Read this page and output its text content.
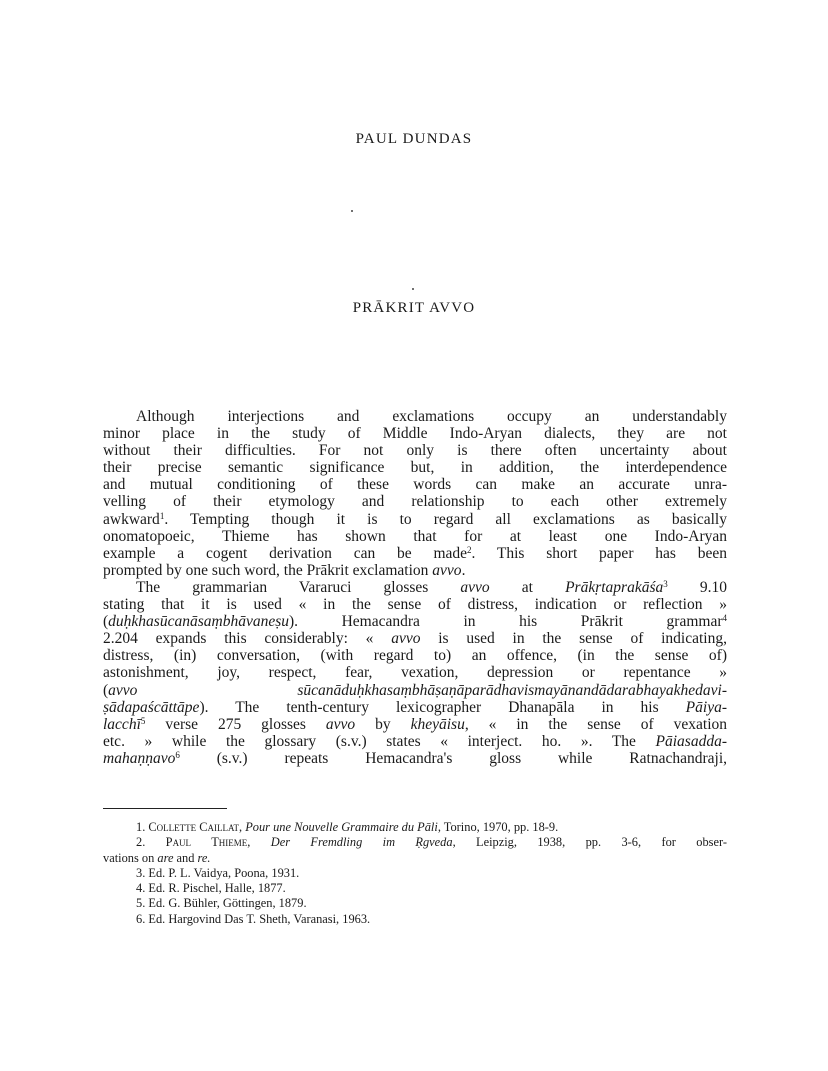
PAUL DUNDAS
PRĀKRIT AVVO
Although interjections and exclamations occupy an understandably
minor place in the study of Middle Indo-Aryan dialects, they are not
without their difficulties. For not only is there often uncertainty about
their precise semantic significance but, in addition, the interdependence
and mutual conditioning of these words can make an accurate unra-
velling of their etymology and relationship to each other extremely
awkward$^1$. Tempting though it is to regard all exclamations as basically
onomatopoeic, Thieme has shown that for at least one Indo-Aryan
example a cogent derivation can be made$^2$. This short paper has been
prompted by one such word, the Prākrit exclamation avvo.
The grammarian Vararuci glosses avvo at Prākṛtaprakāśa$^3$ 9.10
stating that it is used « in the sense of distress, indication or reflection »
(duḥkhasūcanāsaṃbhāvaneṣu). Hemacandra in his Prākrit grammar$^4$
2.204 expands this considerably: « avvo is used in the sense of indicating,
distress, (in) conversation, (with regard to) an offence, (in the sense of)
astonishment, joy, respect, fear, vexation, depression or repentance »
(avvo sūcanāduḥkhasaṃbhāṣaṇāparādhavismayānandādarabhayakhedavi-
ṣādapaścāttāpe). The tenth-century lexicographer Dhanapāla in his Pāiya-
lacchī$^5$ verse 275 glosses avvo by kheyāisu, « in the sense of vexation
etc. » while the glossary (s.v.) states « interject. ho. ». The Pāiasadda-
mahaṇṇavo$^6$ (s.v.) repeats Hemacandra's gloss while Ratnachandraji,
1. Collette Caillat, Pour une Nouvelle Grammaire du Pāli, Torino, 1970, pp. 18-9.
2. Paul Thieme, Der Fremdling im Ṛgveda, Leipzig, 1938, pp. 3-6, for obser-
vations on are and re.
3. Ed. P. L. Vaidya, Poona, 1931.
4. Ed. R. Pischel, Halle, 1877.
5. Ed. G. Bühler, Göttingen, 1879.
6. Ed. Hargovind Das T. Sheth, Varanasi, 1963.
